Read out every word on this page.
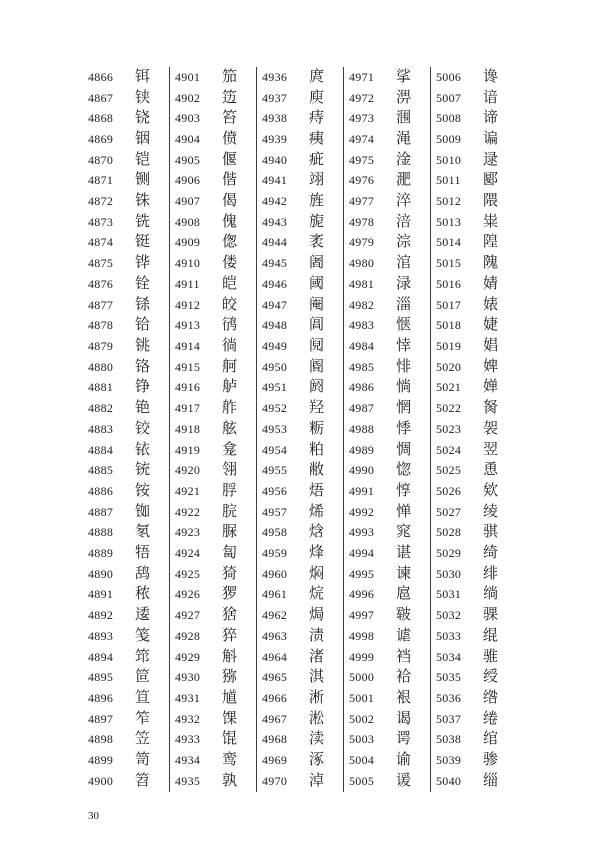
4866	铒
4867	铗
4868	铙
4869	铟
4870	铠
4871	铡
4872	铢
4873	铣
4874	铤
4875	铧
4876	铨
4877	铩
4878	铪
4879	铫
4880	铬
4881	铮
4882	铯
4883	铰
4884	铱
4885	铳
4886	铵
4887	铷
4888	氡
4889	牾
4890	鸹
4891	秾
4892	逶
4893	笺
4894	筇
4895	笸
4896	笪
4897	笮
4898	笠
4899	笥
4900	笤
4901	笳
4902	笾
4903	笞
4904	偾
4905	偃
4906	偕
4907	偈
4908	傀
4909	偬
4910	偻
4911	皑
4912	皎
4913	鸻
4914	徜
4915	舸
4916	舻
4917	舴
4918	舷
4919	龛
4920	翎
4921	脬
4922	脘
4923	脲
4924	匐
4925	猗
4926	猡
4927	猞
4928	猝
4929	斛
4930	猕
4931	馗
4932	馃
4933	馄
4934	鸾
4935	孰
4936	庹
4937	庾
4938	痔
4939	痍
4940	疵
4941	翊
4942	旌
4943	旎
4944	袤
4945	阇
4946	阈
4947	阉
4948	阊
4949	阋
4950	阍
4951	阏
4952	羟
4953	粝
4954	粕
4955	敝
4956	焐
4957	烯
4958	焓
4959	烽
4960	焖
4961	烷
4962	焗
4963	渍
4964	渚
4965	淇
4966	淅
4967	淞
4968	渎
4969	涿
4970	淖
4971	挲
4972	淠
4973	涠
4974	渑
4975	淦
4976	淝
4977	淬
4978	涪
4979	淙
4980	涫
4981	渌
4982	淄
4983	惬
4984	悻
4985	悱
4986	惝
4987	惘
4988	悸
4989	惆
4990	惚
4991	惇
4992	惮
4993	窕
4994	谌
4995	谏
4996	扈
4997	皲
4998	谑
4999	裆
5000	袷
5001	裉
5002	谒
5003	谔
5004	谕
5005	谖
5006	谗
5007	谙
5008	谛
5009	谝
5010	逯
5011	郾
5012	隈
5013	粜
5014	隍
5015	隗
5016	婧
5017	婊
5018	婕
5019	娼
5020	婢
5021	婵
5022	胬
5023	袈
5024	翌
5025	恿
5026	欸
5027	绫
5028	骐
5029	绮
5030	绯
5031	绱
5032	骒
5033	绲
5034	骓
5035	绶
5036	绺
5037	绻
5038	绾
5039	骖
5040	缁
30
